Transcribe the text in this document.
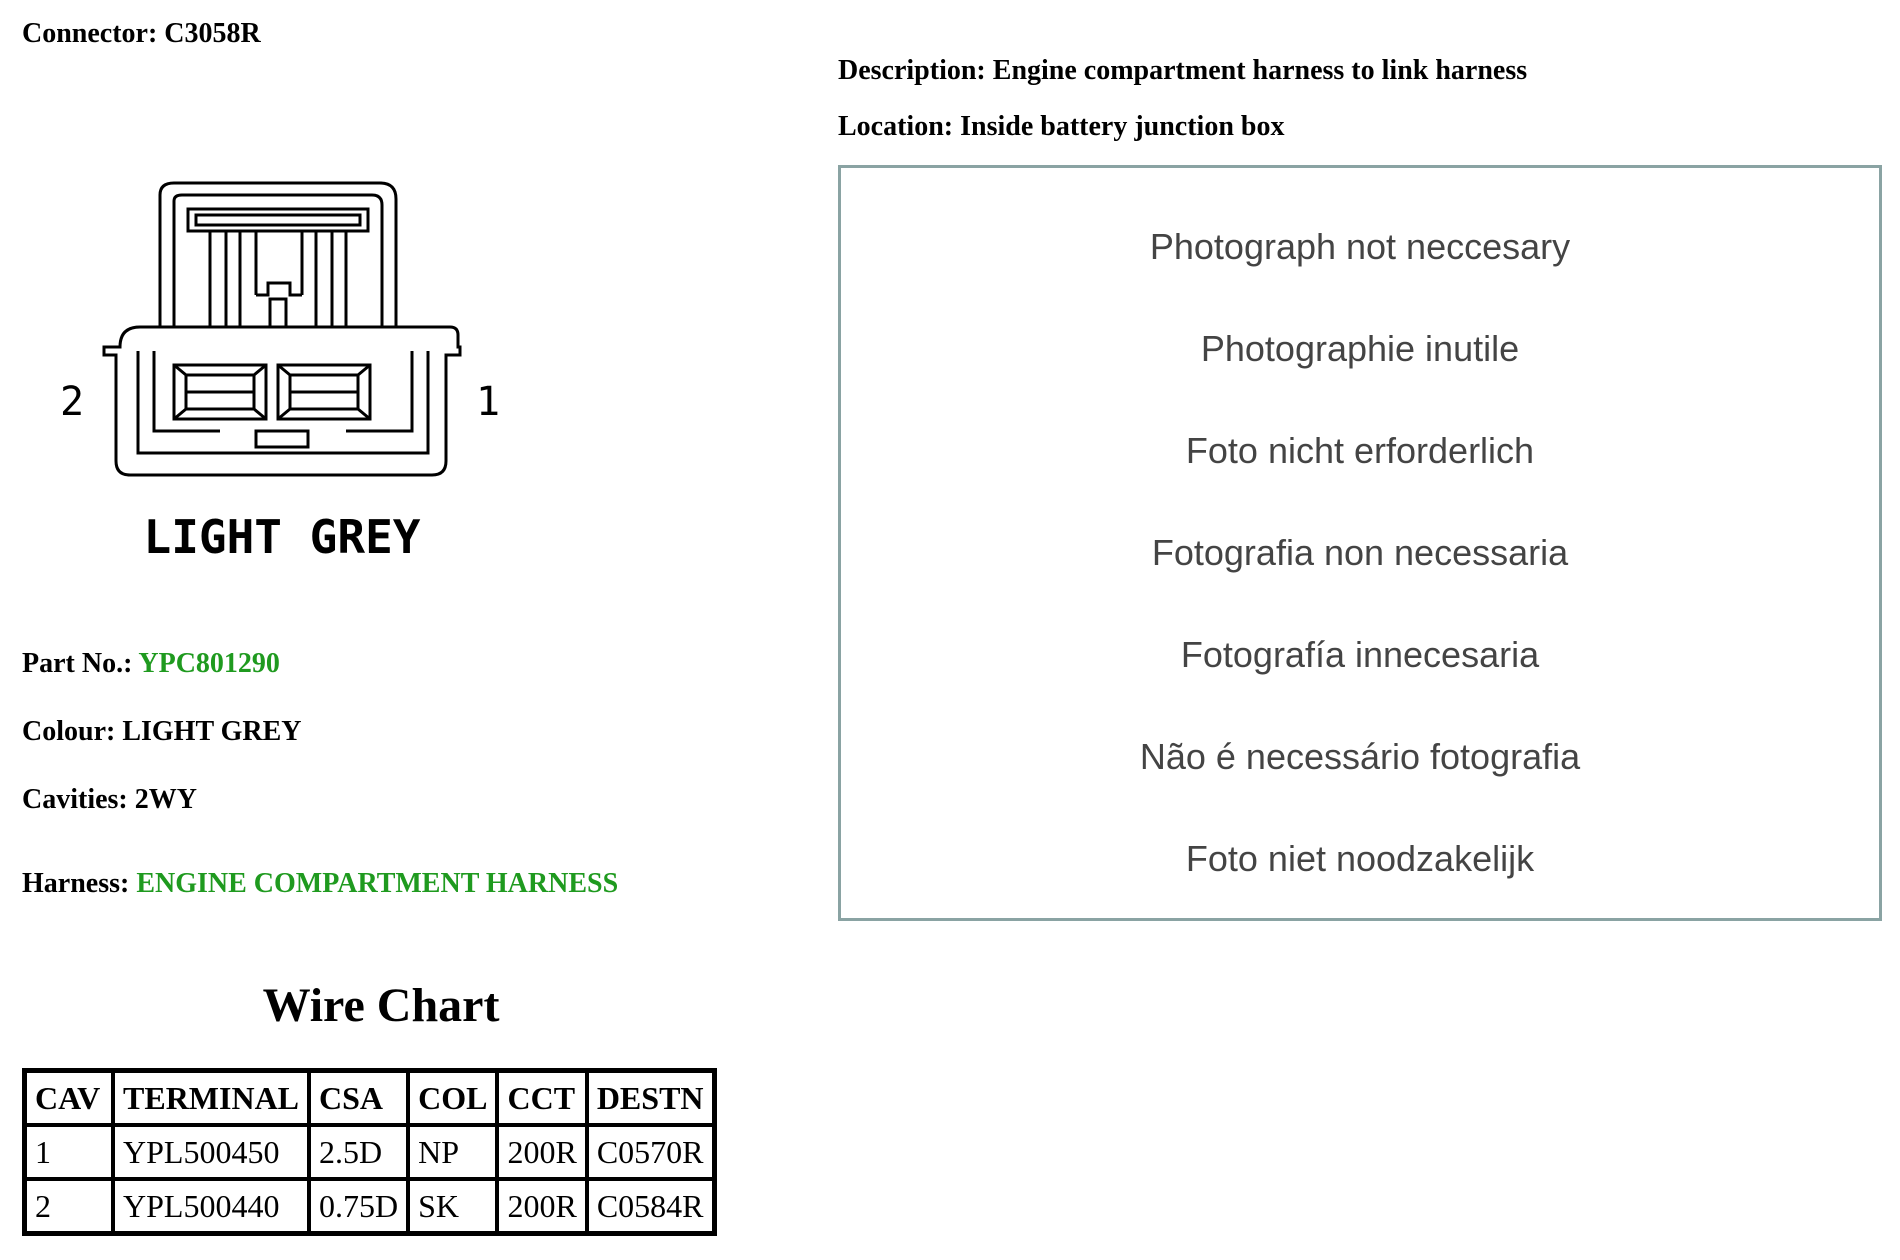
Connector: C3058R
Description: Engine compartment harness to link harness
Location: Inside battery junction box
2	1
LIGHT GREY
Part No.: YPC801290
Colour: LIGHT GREY
Cavities: 2WY
Harness: ENGINE COMPARTMENT HARNESS
Photograph not neccesary
Photographie inutile
Foto nicht erforderlich
Fotografia non necessaria
Fotografía innecesaria
Não é necessário fotografia
Foto niet noodzakelijk
Wire Chart
CAV	TERMINAL	CSA	COL	CCT	DESTN
1	YPL500450	2.5D	NP	200R	C0570R
2	YPL500440	0.75D	SK	200R	C0584R
